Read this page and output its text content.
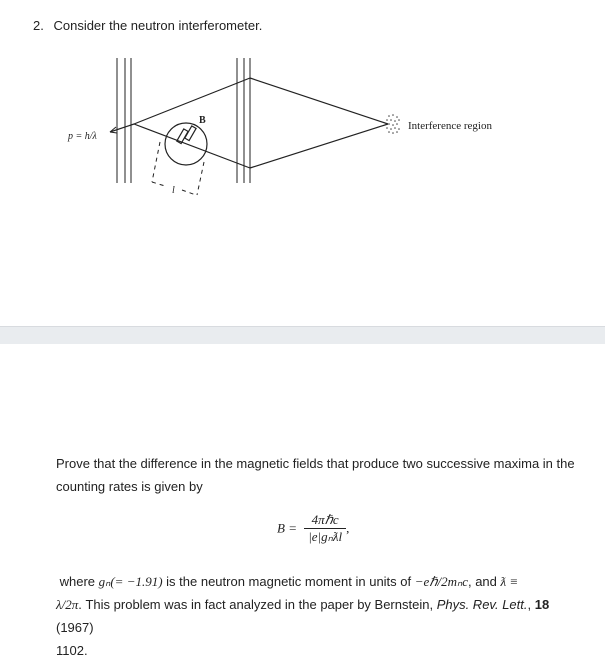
2. Consider the neutron interferometer.
p = h/λ
B
l
Interference region
Prove that the difference in the magnetic fields that produce two successive maxima in the
counting rates is given by
$B = \frac{\text{4πℏc}}{\text{|e|gₙƛl}}$ ,
where gₙ(= −1.91) is the neutron magnetic moment in units of −eℏ/2mₙc, and ƛ ≡
λ/2π. This problem was in fact analyzed in the paper by Bernstein, Phys. Rev. Lett., 18 (1967)
1102.
